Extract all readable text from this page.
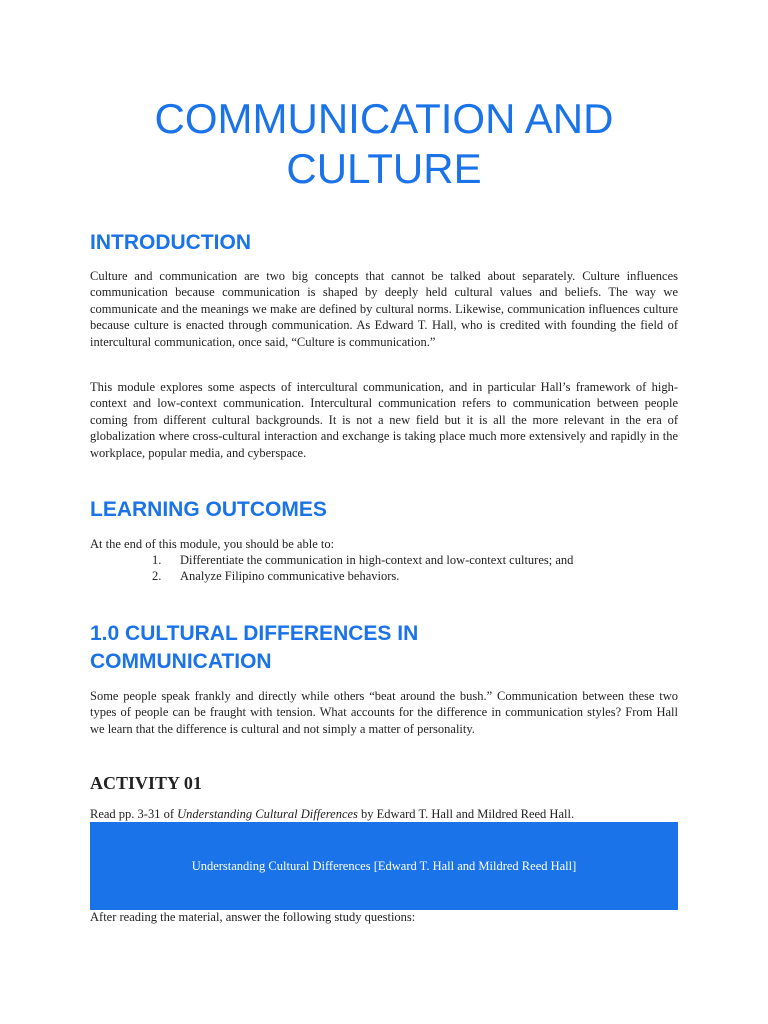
COMMUNICATION AND
CULTURE
INTRODUCTION

Culture and communication are two big concepts that cannot be talked about separately. Culture influences communication because communication is shaped by deeply held cultural values and beliefs. The way we communicate and the meanings we make are defined by cultural norms. Likewise, communication influences culture because culture is enacted through communication. As Edward T. Hall, who is credited with founding the field of intercultural communication, once said, “Culture is communication.”

This module explores some aspects of intercultural communication, and in particular Hall’s framework of high-context and low-context communication. Intercultural communication refers to communication between people coming from different cultural backgrounds. It is not a new field but it is all the more relevant in the era of globalization where cross-cultural interaction and exchange is taking place much more extensively and rapidly in the workplace, popular media, and cyberspace.

LEARNING OUTCOMES

At the end of this module, you should be able to:

1. Differentiate the communication in high-context and low-context cultures; and
2. Analyze Filipino communicative behaviors.
1.0 CULTURAL DIFFERENCES IN
COMMUNICATION

Some people speak frankly and directly while others “beat around the bush.” Communication between these two types of people can be fraught with tension. What accounts for the difference in communication styles? From Hall we learn that the difference is cultural and not simply a matter of personality.

ACTIVITY 01

Read pp. 3-31 of Understanding Cultural Differences by Edward T. Hall and Mildred Reed Hall.

Understanding Cultural Differences [Edward T. Hall and Mildred Reed Hall]

After reading the material, answer the following study questions:
